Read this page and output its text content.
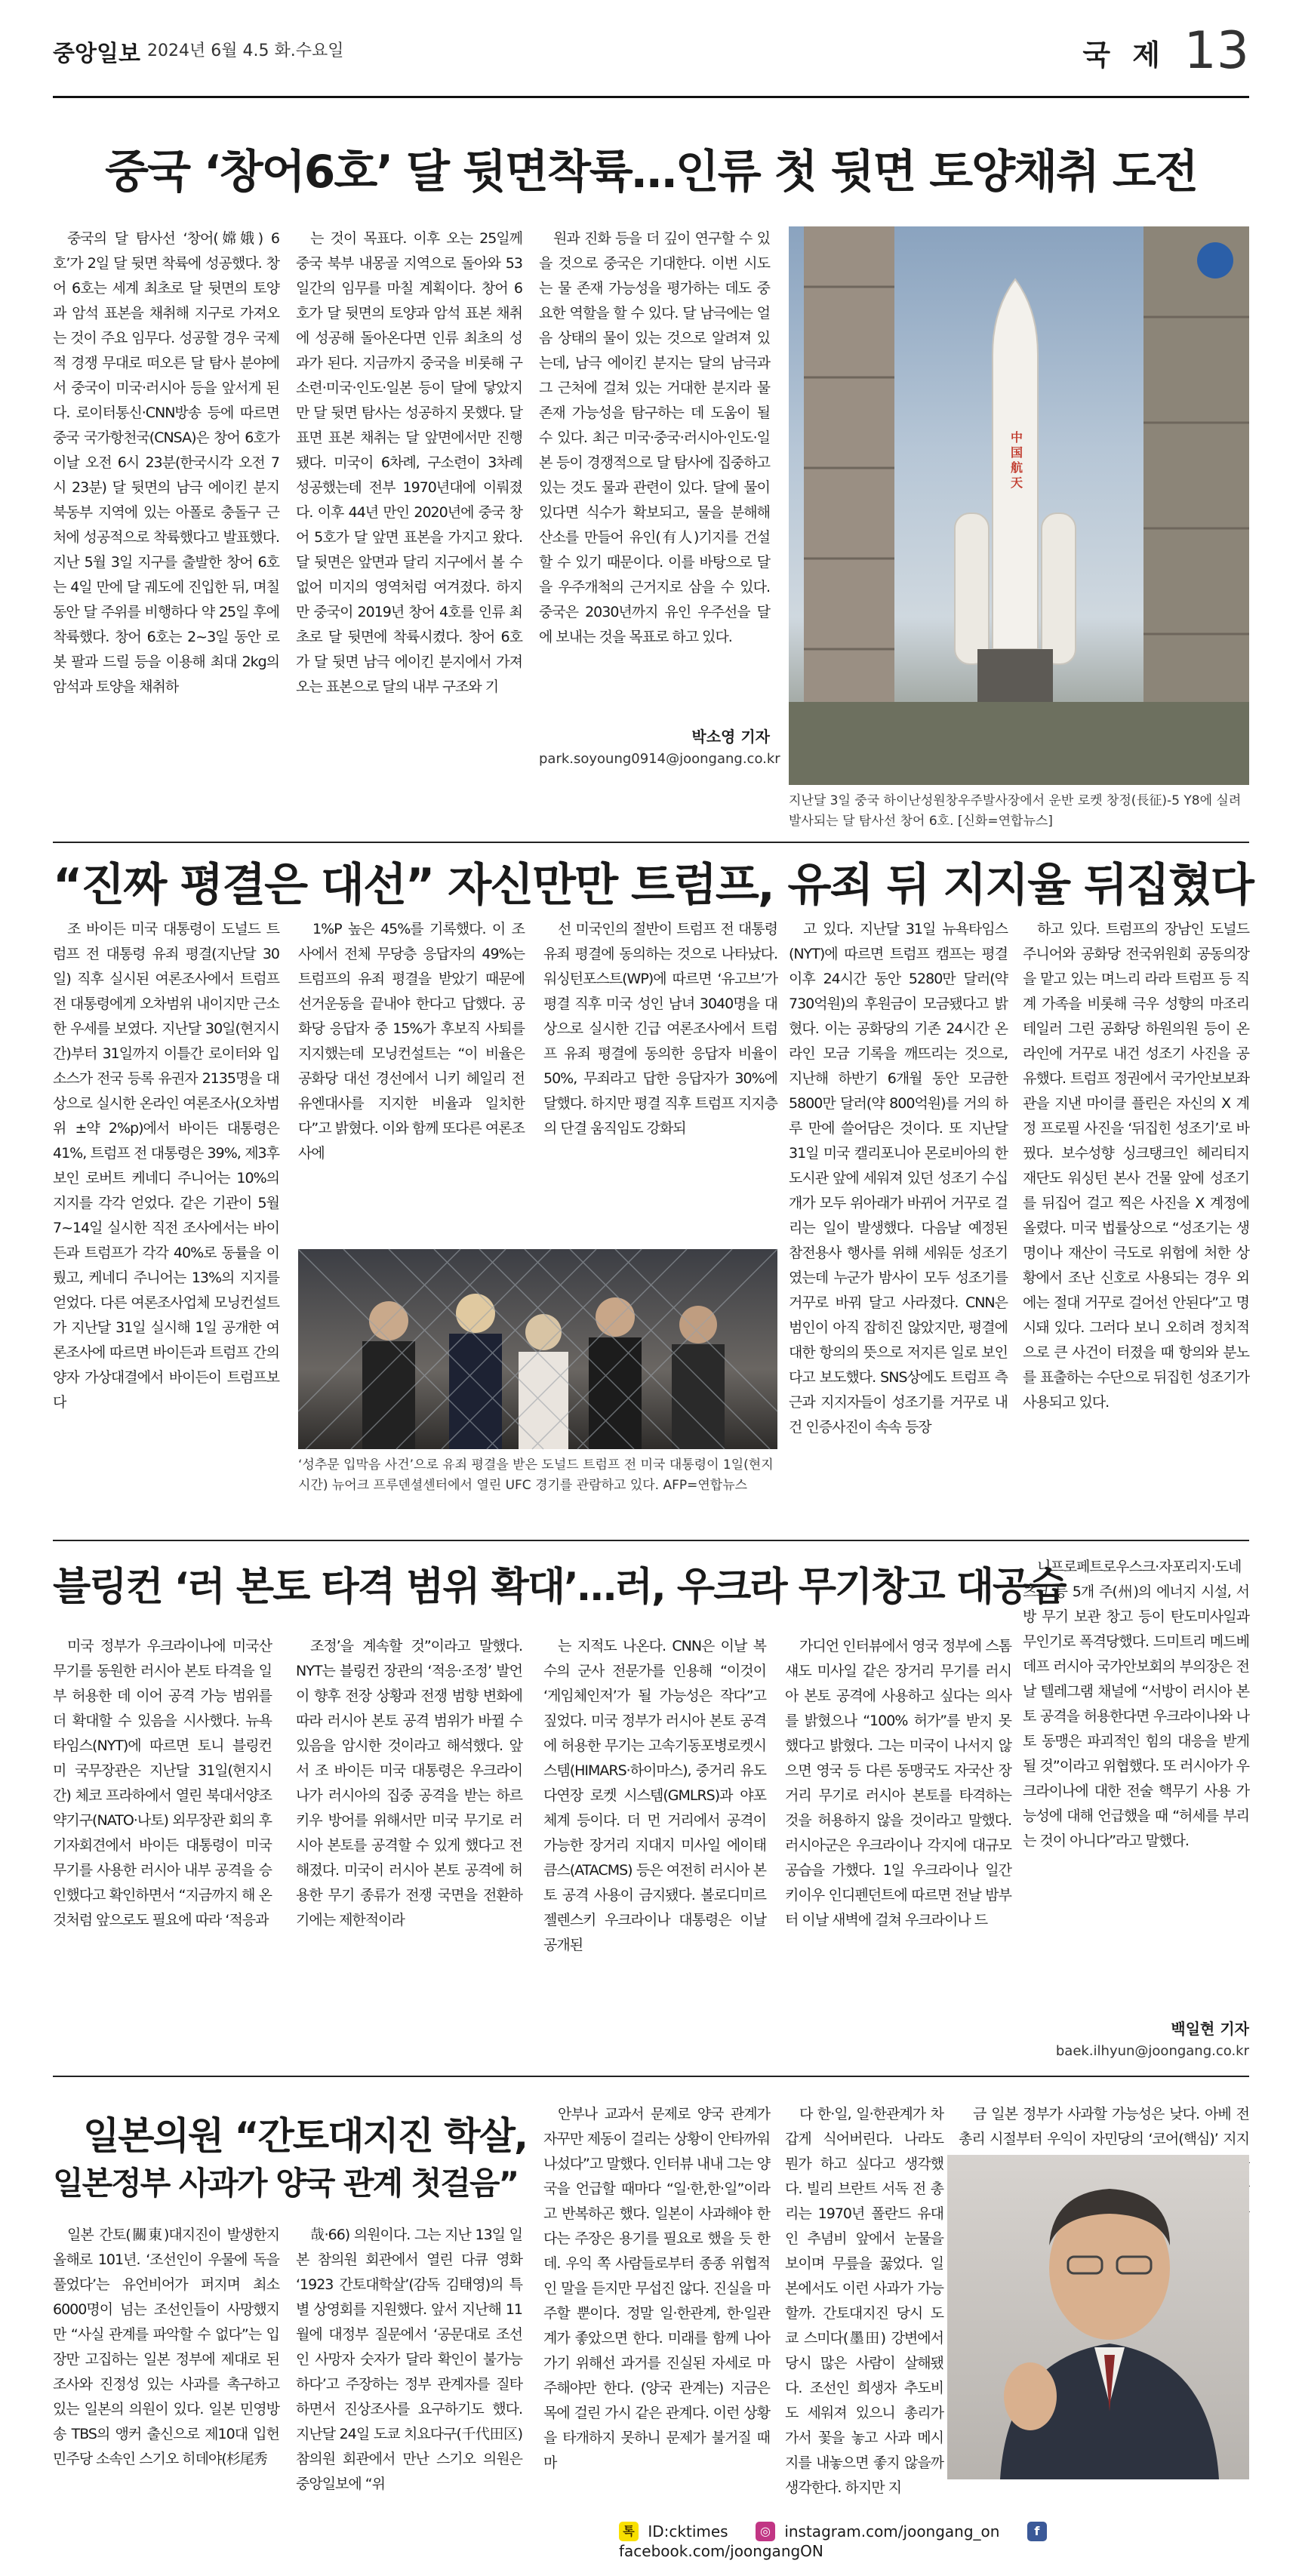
중앙일보 2024년 6월 4.5 화.수요일	국 제 13
중국 ‘창어6호’ 달 뒷면착륙…인류 첫 뒷면 토양채취 도전

중국의 달 탐사선 ‘창어(嫦娥) 6호’가 2일 달 뒷면 착륙에 성공했다. 창어 6호는 세계 최초로 달 뒷면의 토양과 암석 표본을 채취해 지구로 가져오는 것이 주요 임무다. 성공할 경우 국제적 경쟁 무대로 떠오른 달 탐사 분야에서 중국이 미국·러시아 등을 앞서게 된다. 로이터통신·CNN방송 등에 따르면 중국 국가항천국(CNSA)은 창어 6호가 이날 오전 6시 23분(한국시각 오전 7시 23분) 달 뒷면의 남극 에이킨 분지 북동부 지역에 있는 아폴로 충돌구 근처에 성공적으로 착륙했다고 발표했다. 지난 5월 3일 지구를 출발한 창어 6호는 4일 만에 달 궤도에 진입한 뒤, 며칠 동안 달 주위를 비행하다 약 25일 후에 착륙했다. 창어 6호는 2~3일 동안 로봇 팔과 드릴 등을 이용해 최대 2kg의 암석과 토양을 채취하

는 것이 목표다. 이후 오는 25일께 중국 북부 내몽골 지역으로 돌아와 53일간의 임무를 마칠 계획이다. 창어 6호가 달 뒷면의 토양과 암석 표본 채취에 성공해 돌아온다면 인류 최초의 성과가 된다. 지금까지 중국을 비롯해 구소련·미국·인도·일본 등이 달에 닿았지만 달 뒷면 탐사는 성공하지 못했다. 달 표면 표본 채취는 달 앞면에서만 진행됐다. 미국이 6차례, 구소련이 3차례 성공했는데 전부 1970년대에 이뤄졌다. 이후 44년 만인 2020년에 중국 창어 5호가 달 앞면 표본을 가지고 왔다. 달 뒷면은 앞면과 달리 지구에서 볼 수 없어 미지의 영역처럼 여겨졌다. 하지만 중국이 2019년 창어 4호를 인류 최초로 달 뒷면에 착륙시켰다. 창어 6호가 달 뒷면 남극 에이킨 분지에서 가져오는 표본으로 달의 내부 구조와 기

원과 진화 등을 더 깊이 연구할 수 있을 것으로 중국은 기대한다. 이번 시도는 물 존재 가능성을 평가하는 데도 중요한 역할을 할 수 있다. 달 남극에는 얼음 상태의 물이 있는 것으로 알려져 있는데, 남극 에이킨 분지는 달의 남극과 그 근처에 걸쳐 있는 거대한 분지라 물 존재 가능성을 탐구하는 데 도움이 될 수 있다. 최근 미국·중국·러시아·인도·일본 등이 경쟁적으로 달 탐사에 집중하고 있는 것도 물과 관련이 있다. 달에 물이 있다면 식수가 확보되고, 물을 분해해 산소를 만들어 유인(有人)기지를 건설할 수 있기 때문이다. 이를 바탕으로 달을 우주개척의 근거지로 삼을 수 있다. 중국은 2030년까지 유인 우주선을 달에 보내는 것을 목표로 하고 있다.

박소영 기자
park.soyoung0914@joongang.co.kr
中国航天
지난달 3일 중국 하이난성원창우주발사장에서 운반 로켓 창정(長征)-5 Y8에 실려 발사되는 달 탐사선 창어 6호. [신화=연합뉴스]
“진짜 평결은 대선” 자신만만 트럼프, 유죄 뒤 지지율 뒤집혔다

조 바이든 미국 대통령이 도널드 트럼프 전 대통령 유죄 평결(지난달 30일) 직후 실시된 여론조사에서 트럼프 전 대통령에게 오차범위 내이지만 근소한 우세를 보였다. 지난달 30일(현지시간)부터 31일까지 이틀간 로이터와 입소스가 전국 등록 유권자 2135명을 대상으로 실시한 온라인 여론조사(오차범위 ±약 2%p)에서 바이든 대통령은 41%, 트럼프 전 대통령은 39%, 제3후보인 로버트 케네디 주니어는 10%의 지지를 각각 얻었다. 같은 기관이 5월 7~14일 실시한 직전 조사에서는 바이든과 트럼프가 각각 40%로 동률을 이뤘고, 케네디 주니어는 13%의 지지를 얻었다. 다른 여론조사업체 모닝컨설트가 지난달 31일 실시해 1일 공개한 여론조사에 따르면 바이든과 트럼프 간의 양자 가상대결에서 바이든이 트럼프보다

1%P 높은 45%를 기록했다. 이 조사에서 전체 무당층 응답자의 49%는 트럼프의 유죄 평결을 받았기 때문에 선거운동을 끝내야 한다고 답했다. 공화당 응답자 중 15%가 후보직 사퇴를 지지했는데 모닝컨설트는 “이 비율은 공화당 대선 경선에서 니키 헤일리 전 유엔대사를 지지한 비율과 일치한다”고 밝혔다. 이와 함께 또다른 여론조사에

선 미국인의 절반이 트럼프 전 대통령 유죄 평결에 동의하는 것으로 나타났다. 워싱턴포스트(WP)에 따르면 ‘유고브’가 평결 직후 미국 성인 남녀 3040명을 대상으로 실시한 긴급 여론조사에서 트럼프 유죄 평결에 동의한 응답자 비율이 50%, 무죄라고 답한 응답자가 30%에 달했다. 하지만 평결 직후 트럼프 지지층의 단결 움직임도 강화되

고 있다. 지난달 31일 뉴욕타임스(NYT)에 따르면 트럼프 캠프는 평결 이후 24시간 동안 5280만 달러(약 730억원)의 후원금이 모금됐다고 밝혔다. 이는 공화당의 기존 24시간 온라인 모금 기록을 깨뜨리는 것으로, 지난해 하반기 6개월 동안 모금한 5800만 달러(약 800억원)를 거의 하루 만에 쓸어담은 것이다. 또 지난달 31일 미국 캘리포니아 몬로비아의 한 도시관 앞에 세워져 있던 성조기 수십 개가 모두 위아래가 바뀌어 거꾸로 걸리는 일이 발생했다. 다음날 예정된 참전용사 행사를 위해 세워둔 성조기였는데 누군가 밤사이 모두 성조기를 거꾸로 바꿔 달고 사라졌다. CNN은 범인이 아직 잡히진 않았지만, 평결에 대한 항의의 뜻으로 저지른 일로 보인다고 보도했다. SNS상에도 트럼프 측근과 지지자들이 성조기를 거꾸로 내건 인증사진이 속속 등장

하고 있다. 트럼프의 장남인 도널드 주니어와 공화당 전국위원회 공동의장을 맡고 있는 며느리 라라 트럼프 등 직계 가족을 비롯해 극우 성향의 마조리 테일러 그린 공화당 하원의원 등이 온라인에 거꾸로 내건 성조기 사진을 공유했다. 트럼프 정권에서 국가안보보좌관을 지낸 마이클 플린은 자신의 X 계정 프로필 사진을 ‘뒤집힌 성조기’로 바꿨다. 보수성향 싱크탱크인 헤리티지 재단도 워싱턴 본사 건물 앞에 성조기를 뒤집어 걸고 찍은 사진을 X 계정에 올렸다. 미국 법률상으로 “성조기는 생명이나 재산이 극도로 위험에 처한 상황에서 조난 신호로 사용되는 경우 외에는 절대 거꾸로 걸어선 안된다”고 명시돼 있다. 그러다 보니 오히려 정치적으로 큰 사건이 터졌을 때 항의와 분노를 표출하는 수단으로 뒤집힌 성조기가 사용되고 있다.

‘성추문 입막음 사건’으로 유죄 평결을 받은 도널드 트럼프 전 미국 대통령이 1일(현지시간) 뉴어크 프루덴셜센터에서 열린 UFC 경기를 관람하고 있다. AFP=연합뉴스
블링컨 ‘러 본토 타격 범위 확대’…러, 우크라 무기창고 대공습

미국 정부가 우크라이나에 미국산 무기를 동원한 러시아 본토 타격을 일부 허용한 데 이어 공격 가능 범위를 더 확대할 수 있음을 시사했다. 뉴욕타임스(NYT)에 따르면 토니 블링컨 미 국무장관은 지난달 31일(현지시간) 체코 프라하에서 열린 북대서양조약기구(NATO·나토) 외무장관 회의 후 기자회견에서 바이든 대통령이 미국 무기를 사용한 러시아 내부 공격을 승인했다고 확인하면서 “지금까지 해 온 것처럼 앞으로도 필요에 따라 ‘적응과

조정’을 계속할 것”이라고 말했다. NYT는 블링컨 장관의 ‘적응·조정’ 발언이 향후 전장 상황과 전쟁 범향 변화에 따라 러시아 본토 공격 범위가 바뀔 수 있음을 암시한 것이라고 해석했다. 앞서 조 바이든 미국 대통령은 우크라이나가 러시아의 집중 공격을 받는 하르키우 방어를 위해서만 미국 무기로 러시아 본토를 공격할 수 있게 했다고 전해졌다. 미국이 러시아 본토 공격에 허용한 무기 종류가 전쟁 국면을 전환하기에는 제한적이라

는 지적도 나온다. CNN은 이날 복수의 군사 전문가를 인용해 “이것이 ‘게임체인저’가 될 가능성은 작다”고 짚었다. 미국 정부가 러시아 본토 공격에 허용한 무기는 고속기동포병로켓시스템(HIMARS·하이마스), 중거리 유도 다연장 로켓 시스템(GMLRS)과 야포 체계 등이다. 더 먼 거리에서 공격이 가능한 장거리 지대지 미사일 에이태큼스(ATACMS) 등은 여전히 러시아 본토 공격 사용이 금지됐다. 볼로디미르 젤렌스키 우크라이나 대통령은 이날 공개된

가디언 인터뷰에서 영국 정부에 스톰 섀도 미사일 같은 장거리 무기를 러시아 본토 공격에 사용하고 싶다는 의사를 밝혔으나 “100% 허가”를 받지 못했다고 밝혔다. 그는 미국이 나서지 않으면 영국 등 다른 동맹국도 자국산 장거리 무기로 러시아 본토를 타격하는 것을 허용하지 않을 것이라고 말했다. 러시아군은 우크라이나 각지에 대규모 공습을 가했다. 1일 우크라이나 일간 키이우 인디펜던트에 따르면 전날 밤부터 이날 새벽에 걸쳐 우크라이나 드

니프로페트로우스크·자포리지·도네츠크 등 5개 주(州)의 에너지 시설, 서방 무기 보관 창고 등이 탄도미사일과 무인기로 폭격당했다. 드미트리 메드베데프 러시아 국가안보회의 부의장은 전날 텔레그램 채널에 “서방이 러시아 본토 공격을 허용한다면 우크라이나와 나토 동맹은 파괴적인 힘의 대응을 받게 될 것”이라고 위협했다. 또 러시아가 우크라이나에 대한 전술 핵무기 사용 가능성에 대해 언급했을 때 “허세를 부리는 것이 아니다”라고 말했다.

백일현 기자
baek.ilhyun@joongang.co.kr
일본의원 “간토대지진 학살,
일본정부 사과가 양국 관계 첫걸음”

일본 간토(關東)대지진이 발생한지 올해로 101년. ‘조선인이 우물에 독을 풀었다’는 유언비어가 퍼지며 최소 6000명이 넘는 조선인들이 사망했지만 “사실 관계를 파악할 수 없다”는 입장만 고집하는 일본 정부에 제대로 된 조사와 진정성 있는 사과를 촉구하고 있는 일본의 의원이 있다. 일본 민영방송 TBS의 앵커 출신으로 제10대 입헌민주당 소속인 스기오 히데야(杉尾秀

哉·66) 의원이다. 그는 지난 13일 일본 참의원 회관에서 열린 다큐 영화 ‘1923 간토대학살’(감독 김태영)의 특별 상영회를 지원했다. 앞서 지난해 11월에 대정부 질문에서 ‘공문대로 조선인 사망자 숫자가 달라 확인이 불가능하다’고 주장하는 정부 관계자를 질타하면서 진상조사를 요구하기도 했다. 지난달 24일 도쿄 치요다구(千代田区) 참의원 회관에서 만난 스기오 의원은 중앙일보에 “위

안부나 교과서 문제로 양국 관계가 자꾸만 제동이 걸리는 상황이 안타까워 나섰다”고 말했다. 인터뷰 내내 그는 양국을 언급할 때마다 “일·한,한·일”이라고 반복하곤 했다. 일본이 사과해야 한다는 주장은 용기를 필요로 했을 듯 한데. 우익 쪽 사람들로부터 종종 위협적인 말을 듣지만 무섭진 않다. 진실을 마주할 뿐이다. 정말 일·한관계, 한·일관계가 좋았으면 한다. 미래를 함께 나아가기 위해선 과거를 진실된 자세로 마주해야만 한다. (양국 관계는) 지금은 목에 걸린 가시 같은 관계다. 이런 상황을 타개하지 못하니 문제가 불거질 때마

다 한·일, 일·한관계가 차갑게 식어버린다. 나라도 뭔가 하고 싶다고 생각했다. 빌리 브란트 서독 전 총리는 1970년 폴란드 유대인 추념비 앞에서 눈물을 보이며 무릎을 꿇었다. 일본에서도 이런 사과가 가능할까. 간토대지진 당시 도쿄 스미다(墨田) 강변에서 당시 많은 사람이 살해됐다. 조선인 희생자 추도비도 세워져 있으니 총리가 가서 꽃을 놓고 사과 메시지를 내놓으면 좋지 않을까 생각한다. 하지만 지

금 일본 정부가 사과할 가능성은 낮다. 아베 전 총리 시절부터 우익이 자민당의 ‘코어(핵심)’ 지지

톡 ID:cktimes	◎ instagram.com/joongang_on	f facebook.com/joongangON
